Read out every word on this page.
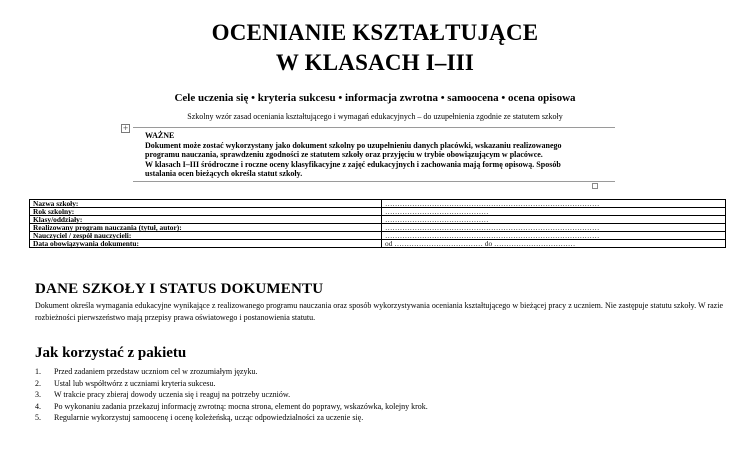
OCENIANIE KSZTAŁTUJĄCE
W KLASACH I–III
Cele uczenia się • kryteria sukcesu • informacja zwrotna • samoocena • ocena opisowa
Szkolny wzór zasad oceniania kształtującego i wymagań edukacyjnych – do uzupełnienia zgodnie ze statutem szkoły
+
WAŻNE
Dokument może zostać wykorzystany jako dokument szkolny po uzupełnieniu danych placówki, wskazaniu realizowanego
programu nauczania, sprawdzeniu zgodności ze statutem szkoły oraz przyjęciu w trybie obowiązującym w placówce.
W klasach I–III śródroczne i roczne oceny klasyfikacyjne z zajęć edukacyjnych i zachowania mają formę opisową. Sposób
ustalania ocen bieżących określa statut szkoły.
Nazwa szkoły:	……………………………………………………………………………
Rok szkolny:	……………………………………
Klasy/oddziały:	……………………………………
Realizowany program nauczania (tytuł, autor):	……………………………………………………………………………
Nauczyciel / zespół nauczycieli:	……………………………………………………………………………
Data obowiązywania dokumentu:	od ……………………………… do ……………………………
DANE SZKOŁY I STATUS DOKUMENTU
Dokument określa wymagania edukacyjne wynikające z realizowanego programu nauczania oraz sposób wykorzystywania oceniania kształtującego w bieżącej pracy z uczniem. Nie zastępuje statutu szkoły. W razie rozbieżności pierwszeństwo mają przepisy prawa oświatowego i postanowienia statutu.
Jak korzystać z pakietu
1. Przed zadaniem przedstaw uczniom cel w zrozumiałym języku.
2. Ustal lub współtwórz z uczniami kryteria sukcesu.
3. W trakcie pracy zbieraj dowody uczenia się i reaguj na potrzeby uczniów.
4. Po wykonaniu zadania przekazuj informację zwrotną: mocna strona, element do poprawy, wskazówka, kolejny krok.
5. Regularnie wykorzystuj samoocenę i ocenę koleżeńską, ucząc odpowiedzialności za uczenie się.
